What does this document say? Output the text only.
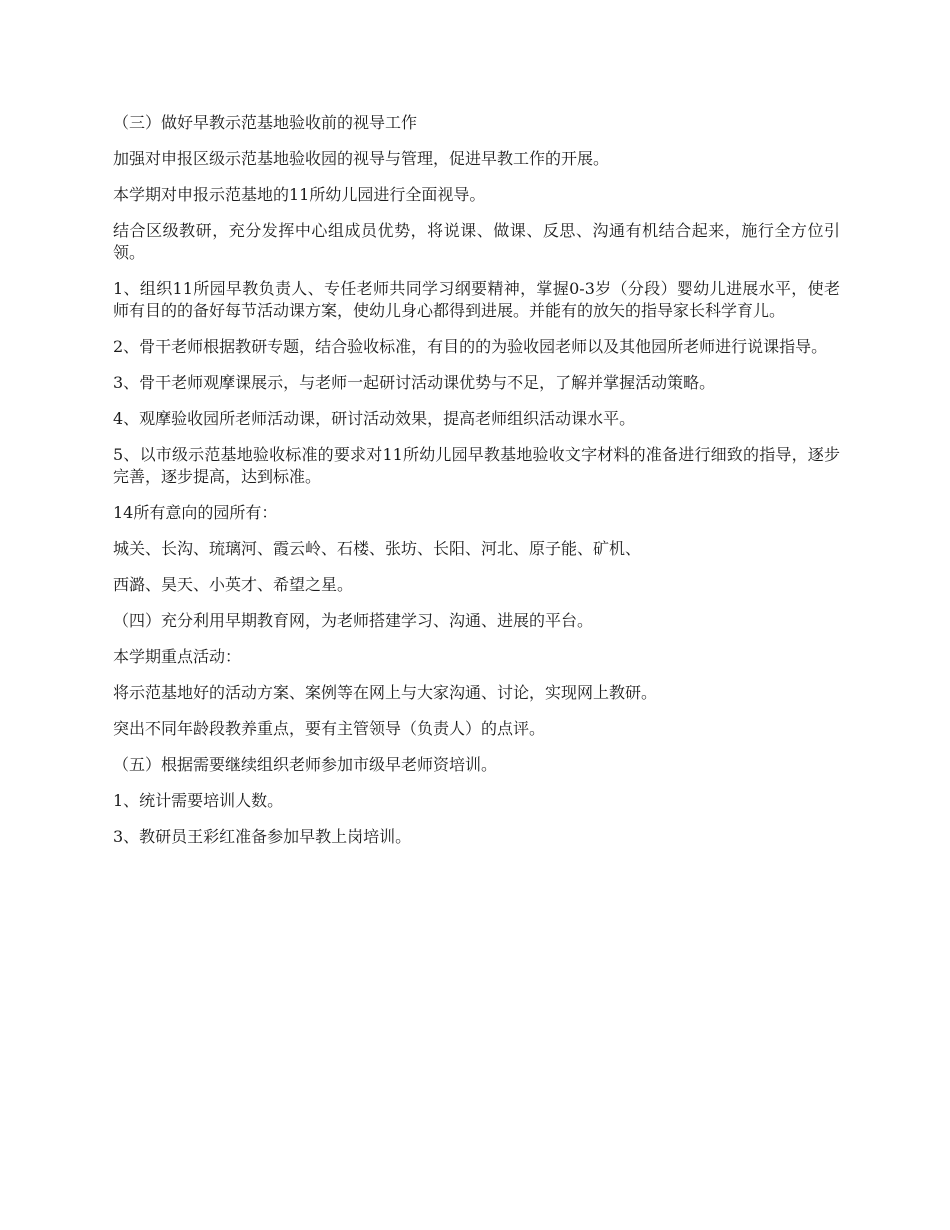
（三）做好早教示范基地验收前的视导工作

加强对申报区级示范基地验收园的视导与管理，促进早教工作的开展。

本学期对申报示范基地的11所幼儿园进行全面视导。

结合区级教研，充分发挥中心组成员优势，将说课、做课、反思、沟通有机结合起来，施行全方位引领。

1、组织11所园早教负责人、专任老师共同学习纲要精神，掌握0-3岁（分段）婴幼儿进展水平，使老师有目的的备好每节活动课方案，使幼儿身心都得到进展。并能有的放矢的指导家长科学育儿。

2、骨干老师根据教研专题，结合验收标准，有目的的为验收园老师以及其他园所老师进行说课指导。

3、骨干老师观摩课展示，与老师一起研讨活动课优势与不足，了解并掌握活动策略。

4、观摩验收园所老师活动课，研讨活动效果，提高老师组织活动课水平。

5、以市级示范基地验收标准的要求对11所幼儿园早教基地验收文字材料的准备进行细致的指导，逐步完善，逐步提高，达到标准。

14所有意向的园所有：

城关、长沟、琉璃河、霞云岭、石楼、张坊、长阳、河北、原子能、矿机、

西潞、昊天、小英才、希望之星。

（四）充分利用早期教育网，为老师搭建学习、沟通、进展的平台。

本学期重点活动：

将示范基地好的活动方案、案例等在网上与大家沟通、讨论，实现网上教研。

突出不同年龄段教养重点，要有主管领导（负责人）的点评。

（五）根据需要继续组织老师参加市级早老师资培训。

1、统计需要培训人数。

3、教研员王彩红准备参加早教上岗培训。
